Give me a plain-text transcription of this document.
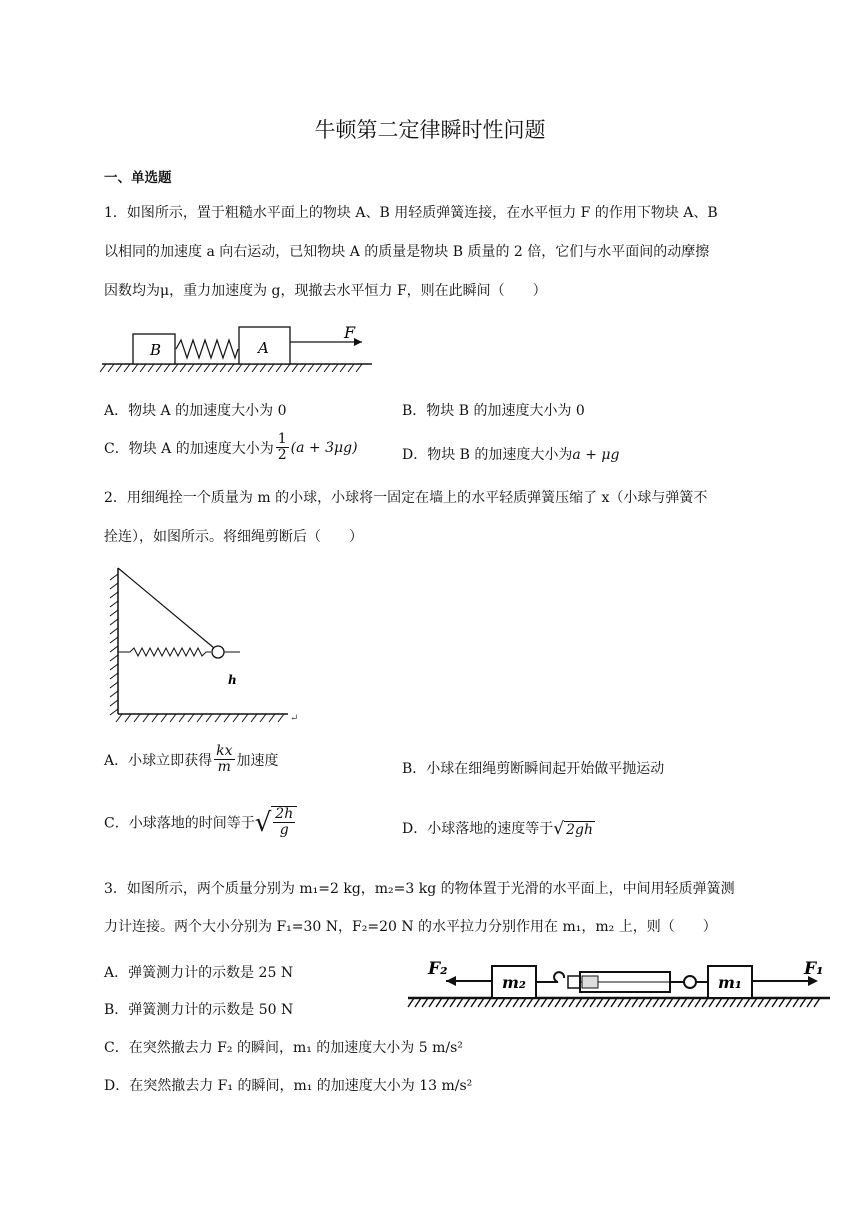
牛顿第二定律瞬时性问题
一、单选题
1．如图所示，置于粗糙水平面上的物块 A、B 用轻质弹簧连接，在水平恒力 F 的作用下物块 A、B
以相同的加速度 a 向右运动，已知物块 A 的质量是物块 B 质量的 2 倍，它们与水平面间的动摩擦
因数均为μ，重力加速度为 g，现撤去水平恒力 F，则在此瞬间（　　）
B	A
F
A．物块 A 的加速度大小为 0	B．物块 B 的加速度大小为 0
C．物块 A 的加速度大小为 $\frac{1}{2} (a + 3\mu g)$	D．物块 B 的加速度大小为a + μg
2．用细绳拴一个质量为 m 的小球，小球将一固定在墙上的水平轻质弹簧压缩了 x（小球与弹簧不
拴连），如图所示。将细绳剪断后（　　）
h
↵
A．小球立即获得 $\frac{kx}{m}$ 加速度
B．小球在细绳剪断瞬间起开始做平抛运动
C．小球落地的时间等于√ $\frac{2h}{g}$	D．小球落地的速度等于√ 2gh
3．如图所示，两个质量分别为 m₁=2 kg，m₂=3 kg 的物体置于光滑的水平面上，中间用轻质弹簧测
力计连接。两个大小分别为 F₁=30 N，F₂=20 N 的水平拉力分别作用在 m₁，m₂ 上，则（　　）
F₂
m₂	m₁
F₁
A．弹簧测力计的示数是 25 N
B．弹簧测力计的示数是 50 N
C．在突然撤去力 F₂ 的瞬间，m₁ 的加速度大小为 5 m/s²
D．在突然撤去力 F₁ 的瞬间，m₁ 的加速度大小为 13 m/s²
